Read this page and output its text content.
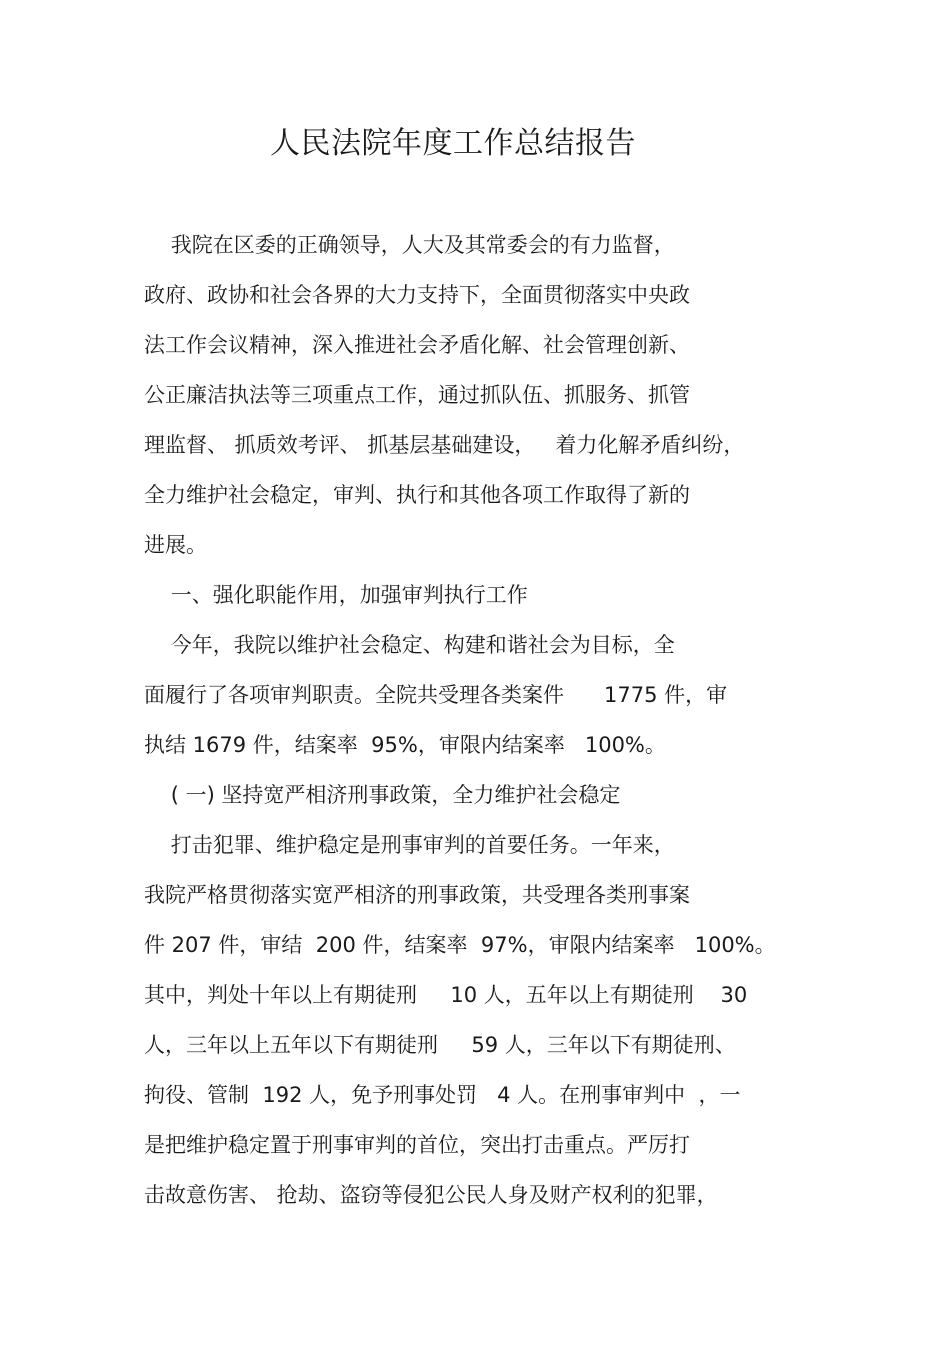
人民法院年度工作总结报告
我院在区委的正确领导，人大及其常委会的有力监督，
政府、政协和社会各界的大力支持下，全面贯彻落实中央政
法工作会议精神，深入推进社会矛盾化解、社会管理创新、
公正廉洁执法等三项重点工作，通过抓队伍、抓服务、抓管
理监督、 抓质效考评、 抓基层基础建设，   着力化解矛盾纠纷，
全力维护社会稳定，审判、执行和其他各项工作取得了新的
进展。
一、强化职能作用，加强审判执行工作
今年，我院以维护社会稳定、构建和谐社会为目标，全
面履行了各项审判职责。全院共受理各类案件      1775 件，审
执结 1679 件，结案率  95%，审限内结案率   100%。
( 一) 坚持宽严相济刑事政策，全力维护社会稳定
打击犯罪、维护稳定是刑事审判的首要任务。一年来，
我院严格贯彻落实宽严相济的刑事政策，共受理各类刑事案
件 207 件，审结  200 件，结案率  97%，审限内结案率   100%。
其中，判处十年以上有期徒刑     10 人，五年以上有期徒刑    30
人，三年以上五年以下有期徒刑     59 人，三年以下有期徒刑、
拘役、管制  192 人，免予刑事处罚   4 人。在刑事审判中  ，一
是把维护稳定置于刑事审判的首位，突出打击重点。严厉打
击故意伤害、 抢劫、盗窃等侵犯公民人身及财产权利的犯罪，
